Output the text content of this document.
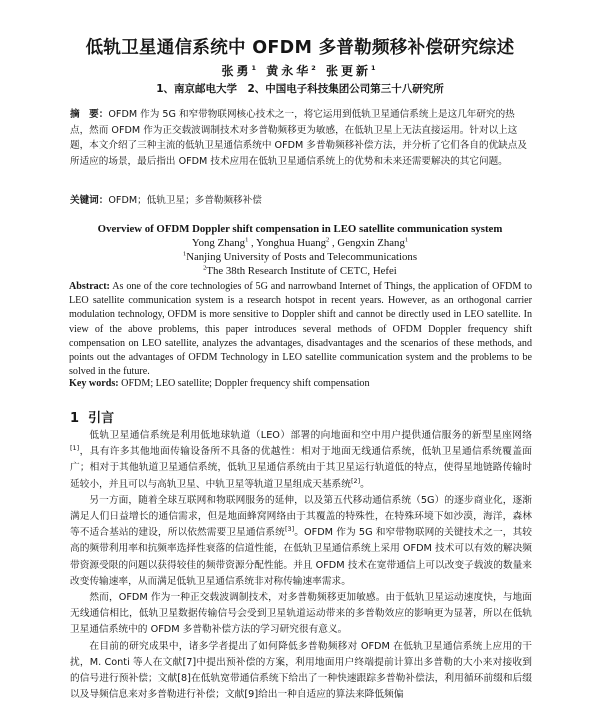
低轨卫星通信系统中 OFDM 多普勒频移补偿研究综述
张勇$^1$ 黄永华$^2$ 张更新$^1$
1、南京邮电大学　2、中国电子科技集团公司第三十八研究所
摘　要：OFDM 作为 5G 和窄带物联网核心技术之一，将它运用到低轨卫星通信系统上是这几年研究的热点，然而 OFDM 作为正交载波调制技术对多普勒频移更为敏感，在低轨卫星上无法直接运用。针对以上这题，本文介绍了三种主流的低轨卫星通信系统中 OFDM 多普勒频移补偿方法，并分析了它们各自的优缺点及所适应的场景，最后指出 OFDM 技术应用在低轨卫星通信系统上的优势和未来还需要解决的其它问题。
关键词：OFDM；低轨卫星；多普勒频移补偿
Overview of OFDM Doppler shift compensation in LEO satellite communication system
Yong Zhang$^1$ , Yonghua Huang$^2$ , Gengxin Zhang$^1$
$^1$Nanjing University of Posts and Telecommunications
$^2$The 38th Research Institute of CETC, Hefei
Abstract: As one of the core technologies of 5G and narrowband Internet of Things, the application of OFDM to LEO satellite communication system is a research hotspot in recent years. However, as an orthogonal carrier modulation technology, OFDM is more sensitive to Doppler shift and cannot be directly used in LEO satellite. In view of the above problems, this paper introduces several methods of OFDM Doppler frequency shift compensation on LEO satellite, analyzes the advantages, disadvantages and the scenarios of these methods, and points out the advantages of OFDM Technology in LEO satellite communication system and the problems to be solved in the future.
Key words: OFDM; LEO satellite; Doppler frequency shift compensation
1 引言

低轨卫星通信系统是利用低地球轨道（LEO）部署的向地面和空中用户提供通信服务的新型星座网络[1]，具有许多其他地面传输设备所不具备的优越性：相对于地面无线通信系统，低轨卫星通信系统覆盖面广；相对于其他轨道卫星通信系统，低轨卫星通信系统由于其卫星运行轨道低的特点，使得星地链路传输时延较小，并且可以与高轨卫星、中轨卫星等轨道卫星组成天基系统[2]。

另一方面，随着全球互联网和物联网服务的延伸，以及第五代移动通信系统（5G）的逐步商业化，逐渐满足人们日益增长的通信需求，但是地面蜂窝网络由于其覆盖的特殊性，在特殊环境下如沙漠，海洋，森林等不适合基站的建设，所以依然需要卫星通信系统[3]。OFDM 作为 5G 和窄带物联网的关键技术之一，其较高的频带利用率和抗频率选择性衰落的信道性能，在低轨卫星通信系统上采用 OFDM 技术可以有效的解决频带资源受限的问题以获得较佳的频带资源分配性能。并且 OFDM 技术在宽带通信上可以改变子载波的数量来改变传输速率，从而满足低轨卫星通信系统非对称传输速率需求。

然而，OFDM 作为一种正交载波调制技术，对多普勒频移更加敏感。由于低轨卫星运动速度快，与地面无线通信相比，低轨卫星数据传输信号会受到卫星轨道运动带来的多普勒效应的影响更为显著，所以在低轨卫星通信系统中的 OFDM 多普勒补偿方法的学习研究很有意义。

在目前的研究成果中，诸多学者提出了如何降低多普勒频移对 OFDM 在低轨卫星通信系统上应用的干扰，M. Conti 等人在文献[7]中提出预补偿的方案，利用地面用户终端提前计算出多普勒的大小来对接收到的信号进行预补偿；文献[8]在低轨宽带通信系统下给出了一种快速跟踪多普勒补偿法，利用循环前缀和后缀以及导频信息来对多普勒进行补偿；文献[9]给出一种自适应的算法来降低频偏
